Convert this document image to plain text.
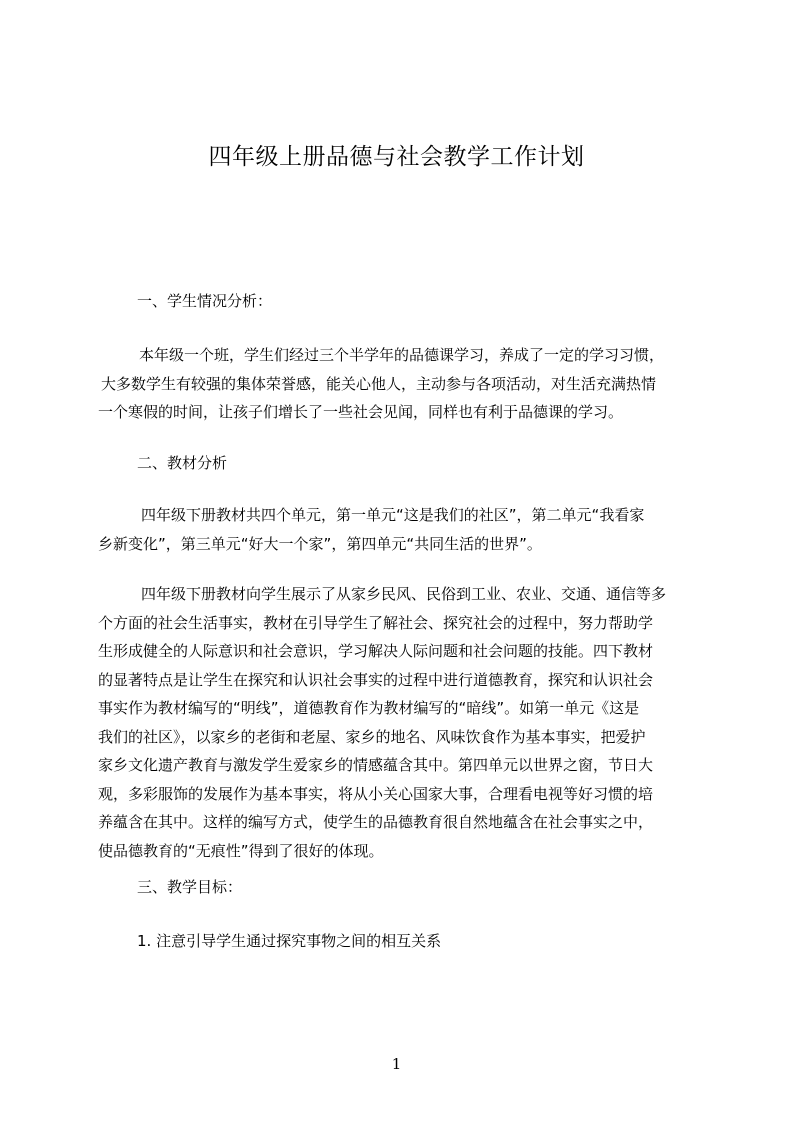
四年级上册品德与社会教学工作计划
一、学生情况分析：
本年级一个班，学生们经过三个半学年的品德课学习，养成了一定的学习习惯，
大多数学生有较强的集体荣誉感，能关心他人，主动参与各项活动，对生活充满热情
一个寒假的时间，让孩子们增长了一些社会见闻，同样也有利于品德课的学习。
二、教材分析
四年级下册教材共四个单元，第一单元“这是我们的社区”，第二单元“我看家
乡新变化”，第三单元“好大一个家”，第四单元“共同生活的世界”。
四年级下册教材向学生展示了从家乡民风、民俗到工业、农业、交通、通信等多
个方面的社会生活事实，教材在引导学生了解社会、探究社会的过程中，努力帮助学
生形成健全的人际意识和社会意识，学习解决人际问题和社会问题的技能。四下教材
的显著特点是让学生在探究和认识社会事实的过程中进行道德教育，探究和认识社会
事实作为教材编写的“明线”，道德教育作为教材编写的“暗线”。如第一单元《这是
我们的社区》，以家乡的老街和老屋、家乡的地名、风味饮食作为基本事实，把爱护
家乡文化遗产教育与激发学生爱家乡的情感蕴含其中。第四单元以世界之窗，节日大
观，多彩服饰的发展作为基本事实，将从小关心国家大事，合理看电视等好习惯的培
养蕴含在其中。这样的编写方式，使学生的品德教育很自然地蕴含在社会事实之中，
使品德教育的“无痕性”得到了很好的体现。
三、教学目标：
1. 注意引导学生通过探究事物之间的相互关系
1
